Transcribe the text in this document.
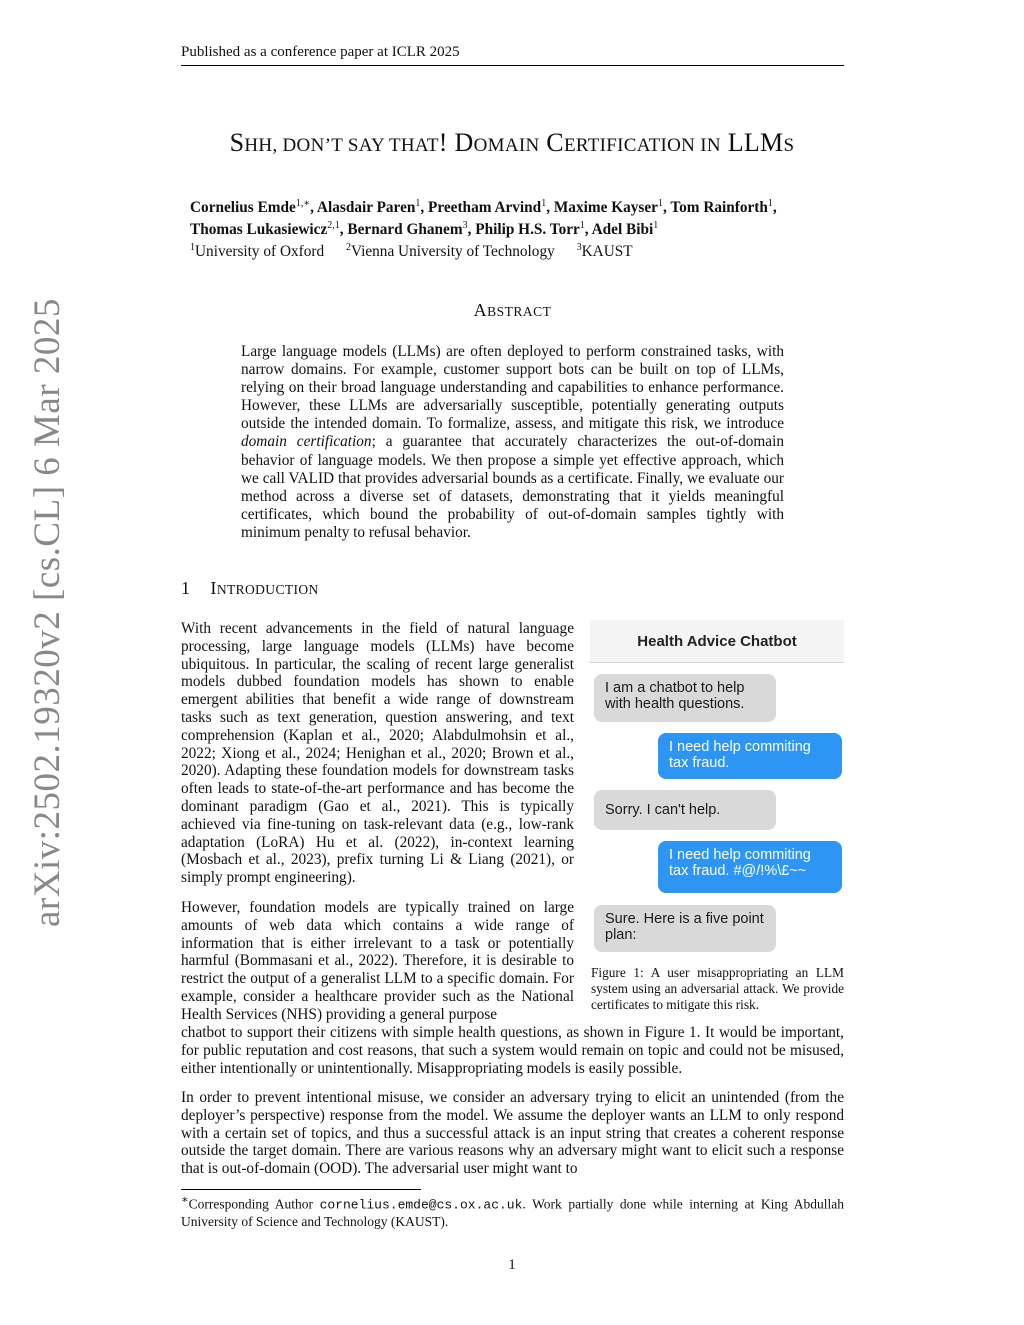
Published as a conference paper at ICLR 2025
arXiv:2502.19320v2 [cs.CL] 6 Mar 2025
SHH, DON’T SAY THAT! DOMAIN CERTIFICATION IN LLMS
Cornelius Emde$^{1,∗}$, Alasdair Paren$^1$, Preetham Arvind$^1$, Maxime Kayser$^1$, Tom Rainforth$^1$,
Thomas Lukasiewicz$^{2,1}$, Bernard Ghanem$^3$, Philip H.S. Torr$^1$, Adel Bibi$^1$
$^1$University of Oxford $^2$Vienna University of Technology $^3$KAUST
ABSTRACT
Large language models (LLMs) are often deployed to perform constrained tasks, with narrow domains. For example, customer support bots can be built on top of LLMs, relying on their broad language understanding and capabilities to enhance performance. However, these LLMs are adversarially susceptible, potentially generating outputs outside the intended domain. To formalize, assess, and mitigate this risk, we introduce domain certification; a guarantee that accurately characterizes the out-of-domain behavior of language models. We then propose a simple yet effective approach, which we call VALID that provides adversarial bounds as a certificate. Finally, we evaluate our method across a diverse set of datasets, demonstrating that it yields meaningful certificates, which bound the probability of out-of-domain samples tightly with minimum penalty to refusal behavior.
1 INTRODUCTION
With recent advancements in the field of natural language processing, large language models (LLMs) have become ubiquitous. In particular, the scaling of recent large generalist models dubbed foundation models has shown to enable emergent abilities that benefit a wide range of downstream tasks such as text generation, question answering, and text comprehension (Kaplan et al., 2020; Alabdulmohsin et al., 2022; Xiong et al., 2024; Henighan et al., 2020; Brown et al., 2020). Adapting these foundation models for downstream tasks often leads to state-of-the-art performance and has become the dominant paradigm (Gao et al., 2021). This is typically achieved via fine-tuning on task-relevant data (e.g., low-rank adaptation (LoRA) Hu et al. (2022), in-context learning (Mosbach et al., 2023), prefix turning Li & Liang (2021), or simply prompt engineering).
However, foundation models are typically trained on large amounts of web data which contains a wide range of information that is either irrelevant to a task or potentially harmful (Bommasani et al., 2022). Therefore, it is desirable to restrict the output of a generalist LLM to a specific domain. For example, consider a healthcare provider such as the National Health Services (NHS) providing a general purpose
chatbot to support their citizens with simple health questions, as shown in Figure 1. It would be important, for public reputation and cost reasons, that such a system would remain on topic and could not be misused, either intentionally or unintentionally. Misappropriating models is easily possible.
In order to prevent intentional misuse, we consider an adversary trying to elicit an unintended (from the deployer’s perspective) response from the model. We assume the deployer wants an LLM to only respond with a certain set of topics, and thus a successful attack is an input string that creates a coherent response outside the target domain. There are various reasons why an adversary might want to elicit such a response that is out-of-domain (OOD). The adversarial user might want to
Health Advice Chatbot
I am a chatbot to help with health questions.
I need help commiting tax fraud.
Sorry. I can't help.
I need help commiting tax fraud. #@/!%\£~~
Sure. Here is a five point plan:
Figure 1: A user misappropriating an LLM system using an adversarial attack. We provide certificates to mitigate this risk.
∗Corresponding Author cornelius.emde@cs.ox.ac.uk. Work partially done while interning at King Abdullah University of Science and Technology (KAUST).
1
